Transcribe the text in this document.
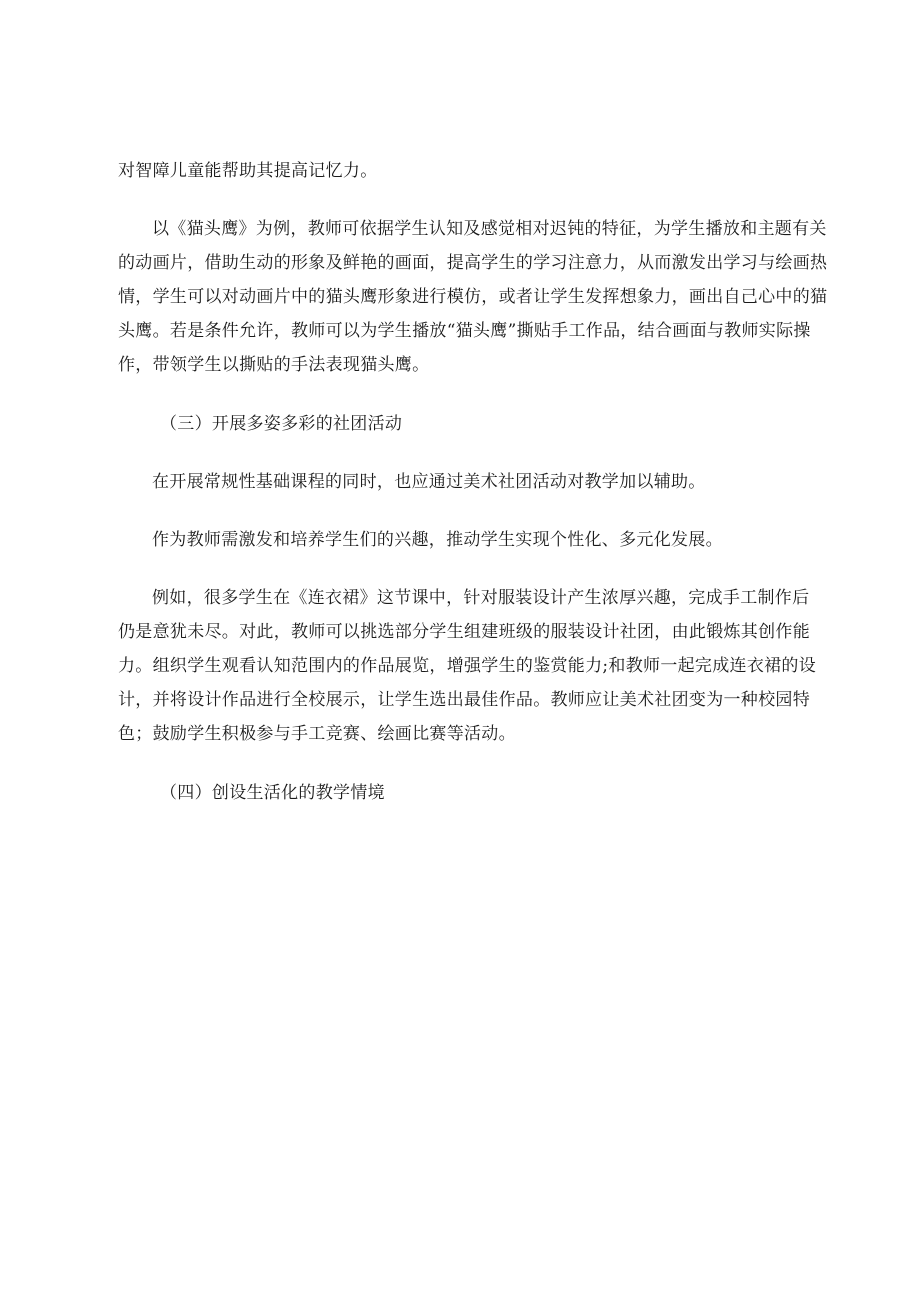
对智障儿童能帮助其提高记忆力。
以《猫头鹰》为例，教师可依据学生认知及感觉相对迟钝的特征，为学生播放和主题有关
的动画片，借助生动的形象及鲜艳的画面，提高学生的学习注意力，从而激发出学习与绘画热
情，学生可以对动画片中的猫头鹰形象进行模仿，或者让学生发挥想象力，画出自己心中的猫
头鹰。若是条件允许，教师可以为学生播放“猫头鹰”撕贴手工作品，结合画面与教师实际操
作，带领学生以撕贴的手法表现猫头鹰。
（三）开展多姿多彩的社团活动
在开展常规性基础课程的同时，也应通过美术社团活动对教学加以辅助。
作为教师需激发和培养学生们的兴趣，推动学生实现个性化、多元化发展。
例如，很多学生在《连衣裙》这节课中，针对服装设计产生浓厚兴趣，完成手工制作后
仍是意犹未尽。对此，教师可以挑选部分学生组建班级的服装设计社团，由此锻炼其创作能
力。组织学生观看认知范围内的作品展览，增强学生的鉴赏能力;和教师一起完成连衣裙的设
计，并将设计作品进行全校展示，让学生选出最佳作品。教师应让美术社团变为一种校园特
色；鼓励学生积极参与手工竞赛、绘画比赛等活动。
（四）创设生活化的教学情境
